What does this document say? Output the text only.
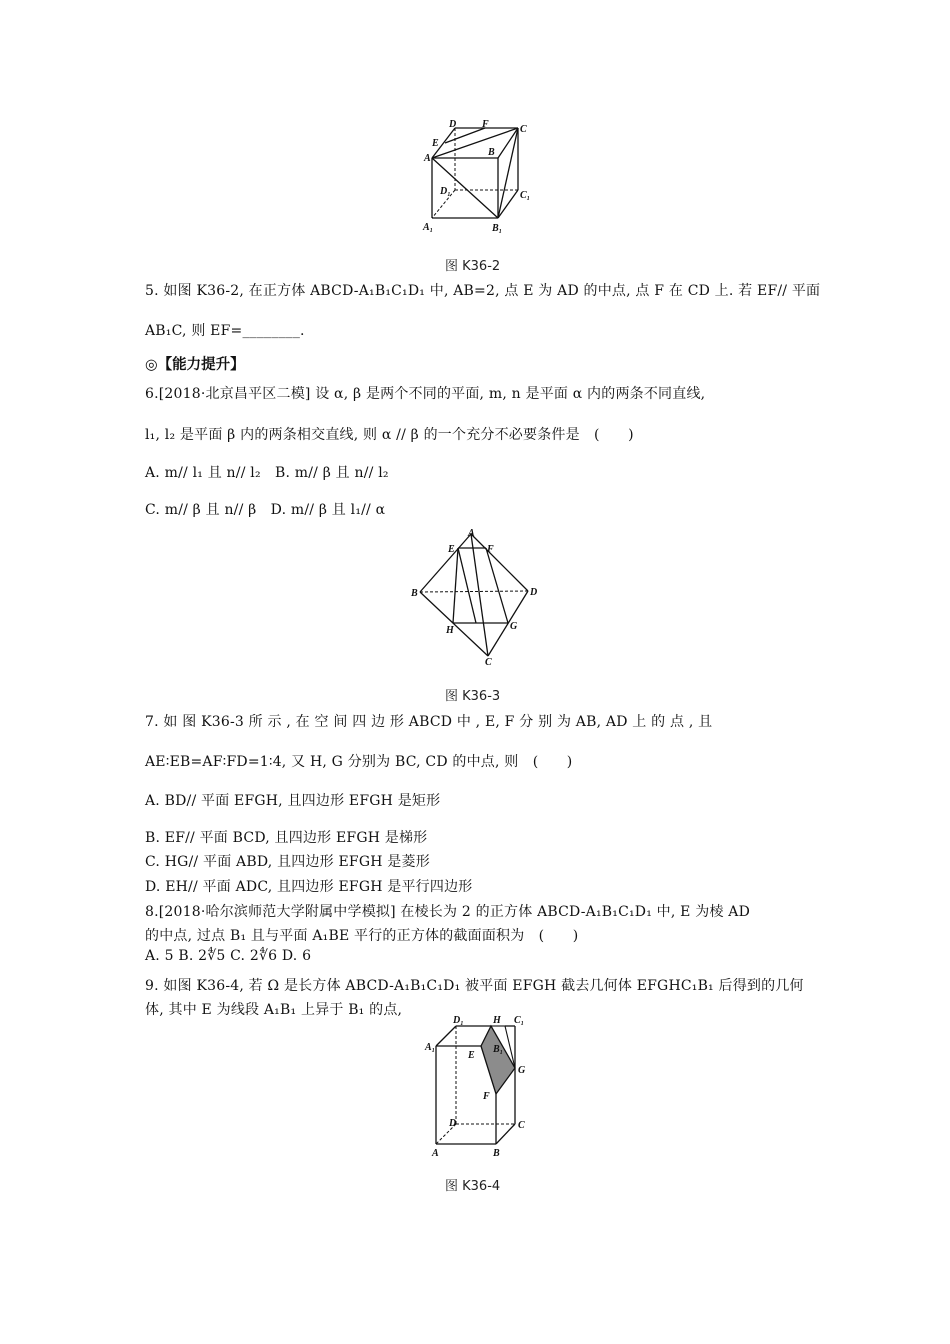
D	F	C
E
B
A
D₁	C₁
A₁	B₁
图 K36-2
5. 如图 K36-2, 在正方体 ABCD-A₁B₁C₁D₁ 中, AB=2, 点 E 为 AD 的中点, 点 F 在 CD 上. 若 EF// 平面
AB₁C, 则 EF=________.
◎【能力提升】
6.[2018·北京昌平区二模] 设 α, β 是两个不同的平面, m, n 是平面 α 内的两条不同直线,
l₁, l₂ 是平面 β 内的两条相交直线, 则 α // β 的一个充分不必要条件是　(　　)
A. m// l₁ 且 n// l₂　B. m// β 且 n// l₂
C. m// β 且 n// β　D. m// β 且 l₁// α
A
E	F
B	D
H	G
C
图 K36-3
7. 如 图 K36-3 所 示 , 在 空 间 四 边 形 ABCD 中 , E, F 分 别 为 AB, AD 上 的 点 , 且
AE∶EB=AF∶FD=1∶4, 又 H, G 分别为 BC, CD 的中点, 则　(　　)
A. BD// 平面 EFGH, 且四边形 EFGH 是矩形
B. EF// 平面 BCD, 且四边形 EFGH 是梯形
C. HG// 平面 ABD, 且四边形 EFGH 是菱形
D. EH// 平面 ADC, 且四边形 EFGH 是平行四边形
8.[2018·哈尔滨师范大学附属中学模拟] 在棱长为 2 的正方体 ABCD-A₁B₁C₁D₁ 中, E 为棱 AD
的中点, 过点 B₁ 且与平面 A₁BE 平行的正方体的截面面积为　(　　)
A. 5 B. 2∜5 C. 2∜6 D. 6
9. 如图 K36-4, 若 Ω 是长方体 ABCD-A₁B₁C₁D₁ 被平面 EFGH 截去几何体 EFGHC₁B₁ 后得到的几何
体, 其中 E 为线段 A₁B₁ 上异于 B₁ 的点,
D₁	H C₁
A₁
E
B₁
G
F
D	C
A	B
图 K36-4
